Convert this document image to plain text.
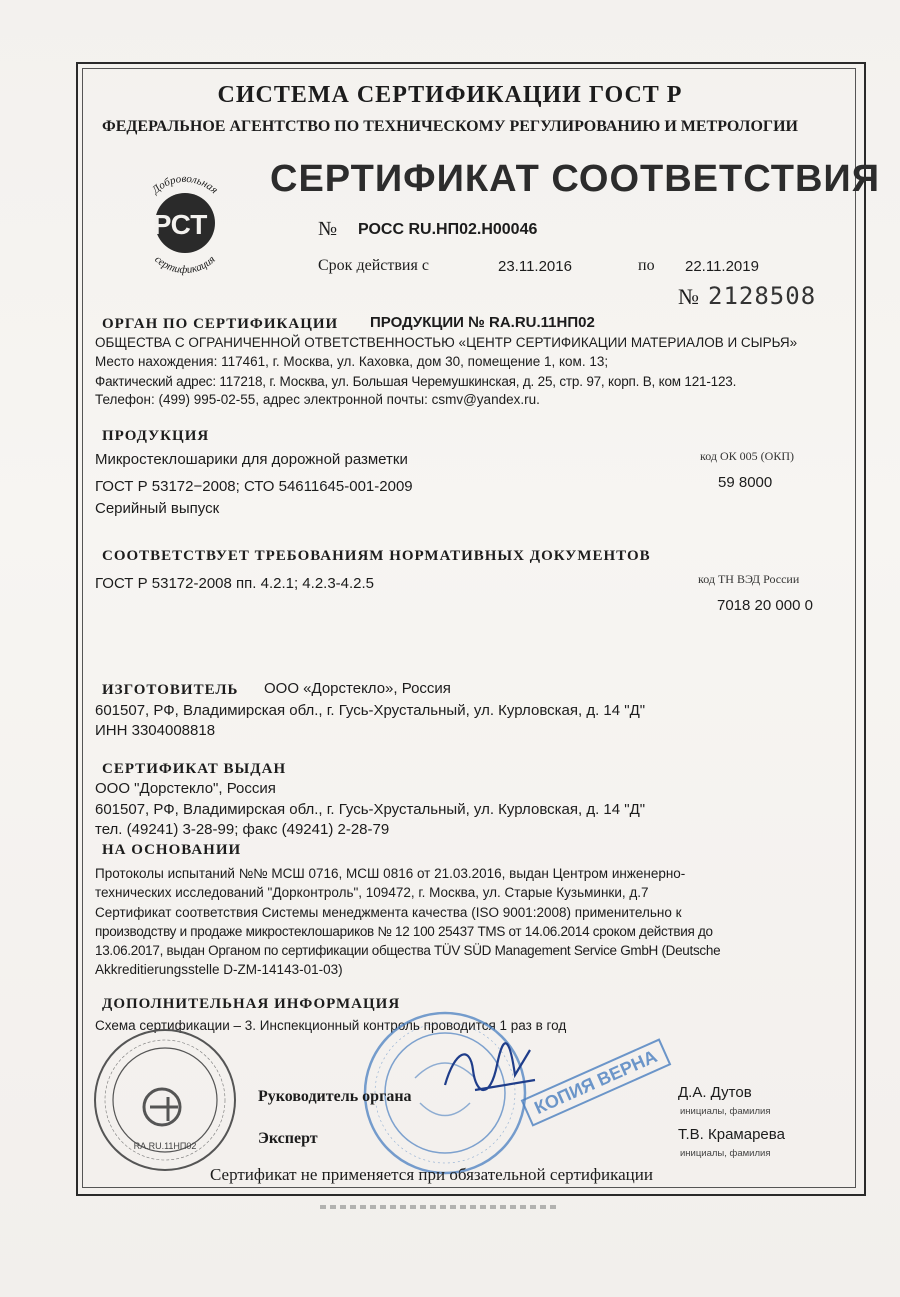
СИСТЕМА СЕРТИФИКАЦИИ ГОСТ Р
ФЕДЕРАЛЬНОЕ АГЕНТСТВО ПО ТЕХНИЧЕСКОМУ РЕГУЛИРОВАНИЮ И МЕТРОЛОГИИ
Добровольная
сертификация
РСТ
СЕРТИФИКАТ СООТВЕТСТВИЯ
№ РОСС RU.НП02.Н00046
Срок действия с	23.11.2016	по 22.11.2019
№ 2128508
ОРГАН ПО СЕРТИФИКАЦИИ ПРОДУКЦИИ № RA.RU.11НП02
ОБЩЕСТВА С ОГРАНИЧЕННОЙ ОТВЕТСТВЕННОСТЬЮ «ЦЕНТР СЕРТИФИКАЦИИ МАТЕРИАЛОВ И СЫРЬЯ»
Место нахождения: 117461, г. Москва, ул. Каховка, дом 30, помещение 1, ком. 13;
Фактический адрес: 117218, г. Москва, ул. Большая Черемушкинская, д. 25, стр. 97, корп. В, ком 121-123.
Телефон: (499) 995-02-55, адрес электронной почты: csmv@yandex.ru.
ПРОДУКЦИЯ
Микростеклошарики для дорожной разметки
ГОСТ Р 53172−2008; СТО 54611645-001-2009
Серийный выпуск
код ОК 005 (ОКП)
59 8000
СООТВЕТСТВУЕТ ТРЕБОВАНИЯМ НОРМАТИВНЫХ ДОКУМЕНТОВ
ГОСТ Р 53172-2008 пп. 4.2.1; 4.2.3-4.2.5	код ТН ВЭД России
7018 20 000 0
ИЗГОТОВИТЕЛЬ ООО «Дорстекло», Россия
601507, РФ, Владимирская обл., г. Гусь-Хрустальный, ул. Курловская, д. 14 "Д"
ИНН 3304008818
СЕРТИФИКАТ ВЫДАН
ООО "Дорстекло", Россия
601507, РФ, Владимирская обл., г. Гусь-Хрустальный, ул. Курловская, д. 14 "Д"
тел. (49241) 3-28-99; факс (49241) 2-28-79
НА ОСНОВАНИИ
Протоколы испытаний №№ МСШ 0716, МСШ 0816 от 21.03.2016, выдан Центром инженерно-
технических исследований "Дорконтроль", 109472, г. Москва, ул. Старые Кузьминки, д.7
Сертификат соответствия Системы менеджмента качества (ISO 9001:2008) применительно к
производству и продаже микростеклошариков № 12 100 25437 TMS от 14.06.2014 сроком действия до
13.06.2017, выдан Органом по сертификации общества TÜV SÜD Management Service GmbH (Deutsche
Akkreditierungsstelle D-ZM-14143-01-03)
ДОПОЛНИТЕЛЬНАЯ ИНФОРМАЦИЯ
Схема сертификации – 3. Инспекционный контроль проводится 1 раз в год
RA.RU.11НП02
КОПИЯ ВЕРНА
Руководитель органа	Д.А. Дутов
инициалы, фамилия
Эксперт	Т.В. Крамарева
инициалы, фамилия
Сертификат не применяется при обязательной сертификации
